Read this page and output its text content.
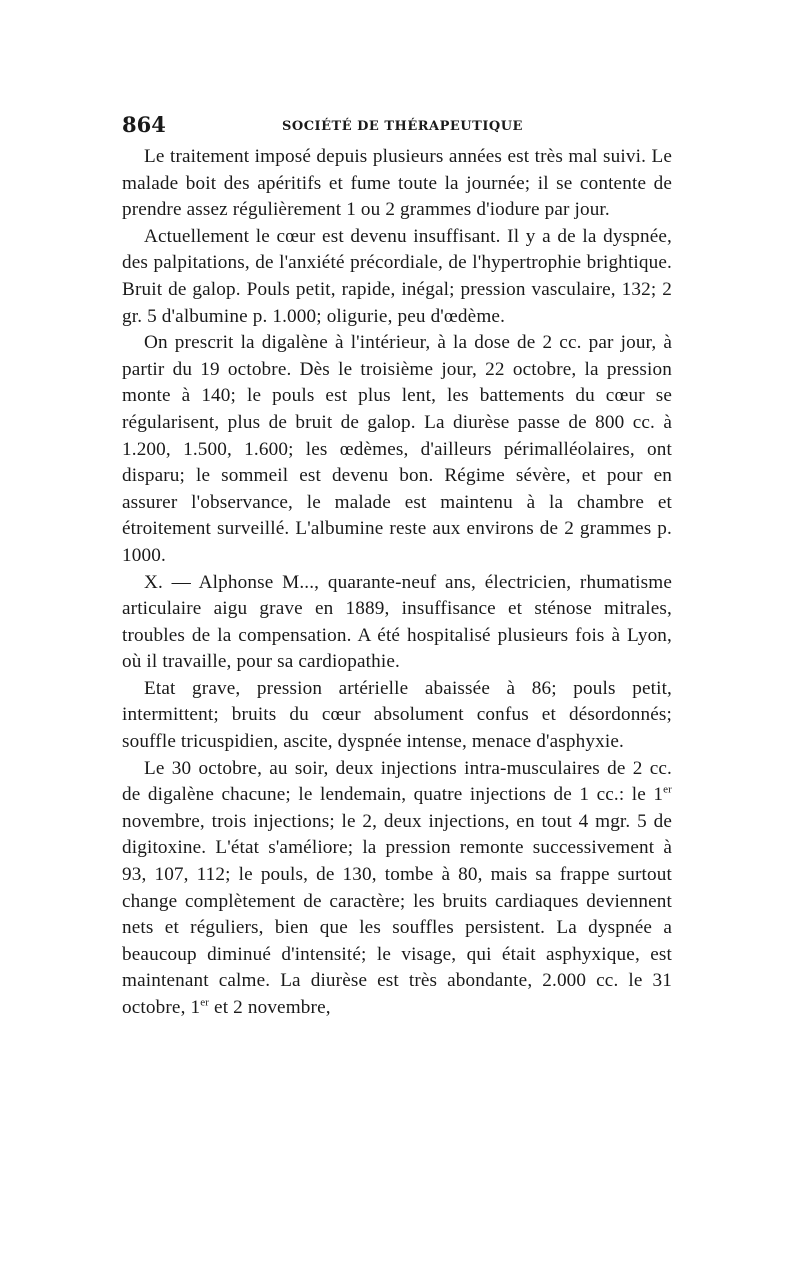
864	SOCIÉTÉ DE THÉRAPEUTIQUE

Le traitement imposé depuis plusieurs années est très mal suivi. Le malade boit des apéritifs et fume toute la journée; il se contente de prendre assez régulièrement 1 ou 2 grammes d'iodure par jour.

Actuellement le cœur est devenu insuffisant. Il y a de la dyspnée, des palpitations, de l'anxiété précordiale, de l'hypertrophie brightique. Bruit de galop. Pouls petit, rapide, inégal; pression vasculaire, 132; 2 gr. 5 d'albumine p. 1.000; oligurie, peu d'œdème.

On prescrit la digalène à l'intérieur, à la dose de 2 cc. par jour, à partir du 19 octobre. Dès le troisième jour, 22 octobre, la pression monte à 140; le pouls est plus lent, les battements du cœur se régularisent, plus de bruit de galop. La diurèse passe de 800 cc. à 1.200, 1.500, 1.600; les œdèmes, d'ailleurs périmalléolaires, ont disparu; le sommeil est devenu bon. Régime sévère, et pour en assurer l'observance, le malade est maintenu à la chambre et étroitement surveillé. L'albumine reste aux environs de 2 grammes p. 1000.

X. — Alphonse M..., quarante-neuf ans, électricien, rhumatisme articulaire aigu grave en 1889, insuffisance et sténose mitrales, troubles de la compensation. A été hospitalisé plusieurs fois à Lyon, où il travaille, pour sa cardiopathie.

Etat grave, pression artérielle abaissée à 86; pouls petit, intermittent; bruits du cœur absolument confus et désordonnés; souffle tricuspidien, ascite, dyspnée intense, menace d'asphyxie.

Le 30 octobre, au soir, deux injections intra-musculaires de 2 cc. de digalène chacune; le lendemain, quatre injections de 1 cc.: le 1er novembre, trois injections; le 2, deux injections, en tout 4 mgr. 5 de digitoxine. L'état s'améliore; la pression remonte successivement à 93, 107, 112; le pouls, de 130, tombe à 80, mais sa frappe surtout change complètement de caractère; les bruits cardiaques deviennent nets et réguliers, bien que les souffles persistent. La dyspnée a beaucoup diminué d'intensité; le visage, qui était asphyxique, est maintenant calme. La diurèse est très abondante, 2.000 cc. le 31 octobre, 1er et 2 novembre,
